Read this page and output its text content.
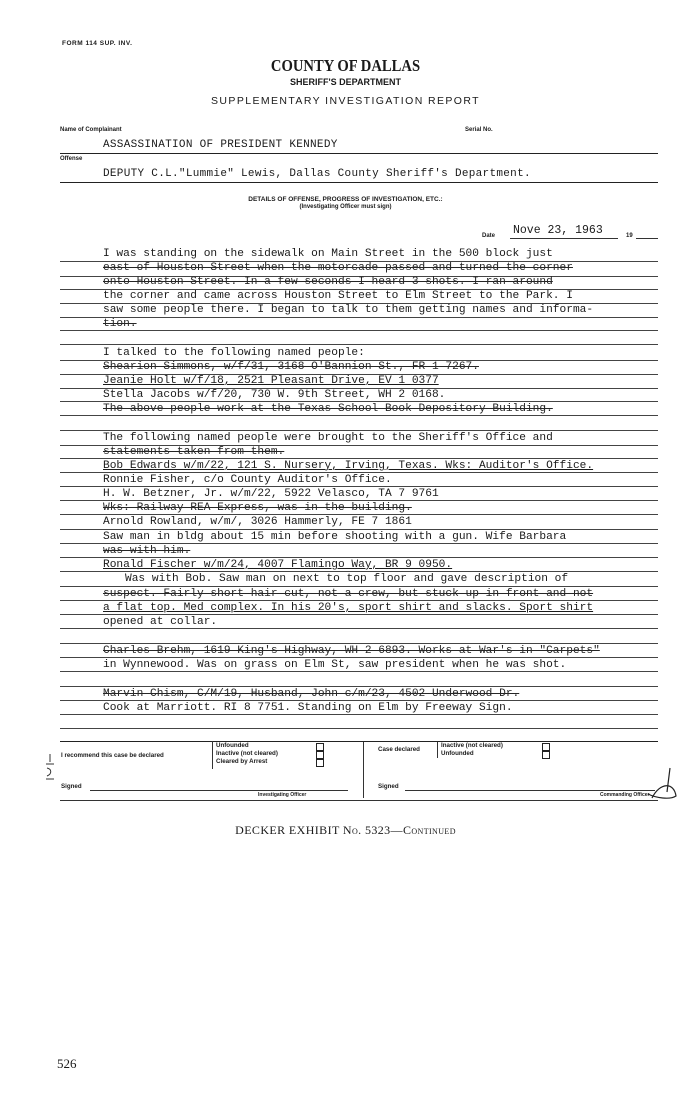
FORM 114 SUP. INV.
COUNTY OF DALLAS
SHERIFF'S DEPARTMENT
SUPPLEMENTARY INVESTIGATION REPORT
Name of Complainant	Serial No.
ASSASSINATION OF PRESIDENT KENNEDY
Offense
DEPUTY C.L."Lummie" Lewis, Dallas County Sheriff's Department.
DETAILS OF OFFENSE, PROGRESS OF INVESTIGATION, ETC.:
(Investigating Officer must sign)
Date Nove 23, 1963	19
I was standing on the sidewalk on Main Street in the 500 block just
east of Houston Street when the motorcade passed and turned the corner
onto Houston Street. In a few seconds I heard 3 shots. I ran around
the corner and came across Houston Street to Elm Street to the Park. I
saw some people there. I began to talk to them getting names and informa-
tion.
I talked to the following named people:
Shearion Simmons, w/f/31, 3168 O'Bannion St., FR 1 7267.
Jeanie Holt w/f/18, 2521 Pleasant Drive, EV 1 0377
Stella Jacobs w/f/20, 730 W. 9th Street, WH 2 0168.
The above people work at the Texas School Book Depository Building.
The following named people were brought to the Sheriff's Office and
statements taken from them.
Bob Edwards w/m/22, 121 S. Nursery, Irving, Texas. Wks: Auditor's Office.
Ronnie Fisher, c/o County Auditor's Office.
H. W. Betzner, Jr. w/m/22, 5922 Velasco, TA 7 9761
Wks: Railway REA Express, was in the building.
Arnold Rowland, w/m/, 3026 Hammerly, FE 7 1861
Saw man in bldg about 15 min before shooting with a gun. Wife Barbara
was with him.
Ronald Fischer w/m/24, 4007 Flamingo Way, BR 9 0950.
Was with Bob. Saw man on next to top floor and gave description of
suspect. Fairly short hair cut, not a crew, but stuck up in front and not
a flat top. Med complex. In his 20's, sport shirt and slacks. Sport shirt
opened at collar.
Charles Brehm, 1619 King's Highway, WH 2 6893. Works at War's in "Carpets"
in Wynnewood. Was on grass on Elm St, saw president when he was shot.
Marvin Chism, C/M/19, Husband, John c/m/23, 4502 Underwood Dr.
Cook at Marriott. RI 8 7751. Standing on Elm by Freeway Sign.
I recommend this case be declared
Unfounded
Inactive (not cleared)
Cleared by Arrest
Case declared
Inactive (not cleared)
Unfounded
Signed
Investigating Officer
Signed
Commanding Officer
DECKER EXHIBIT No. 5323—Continued
526
